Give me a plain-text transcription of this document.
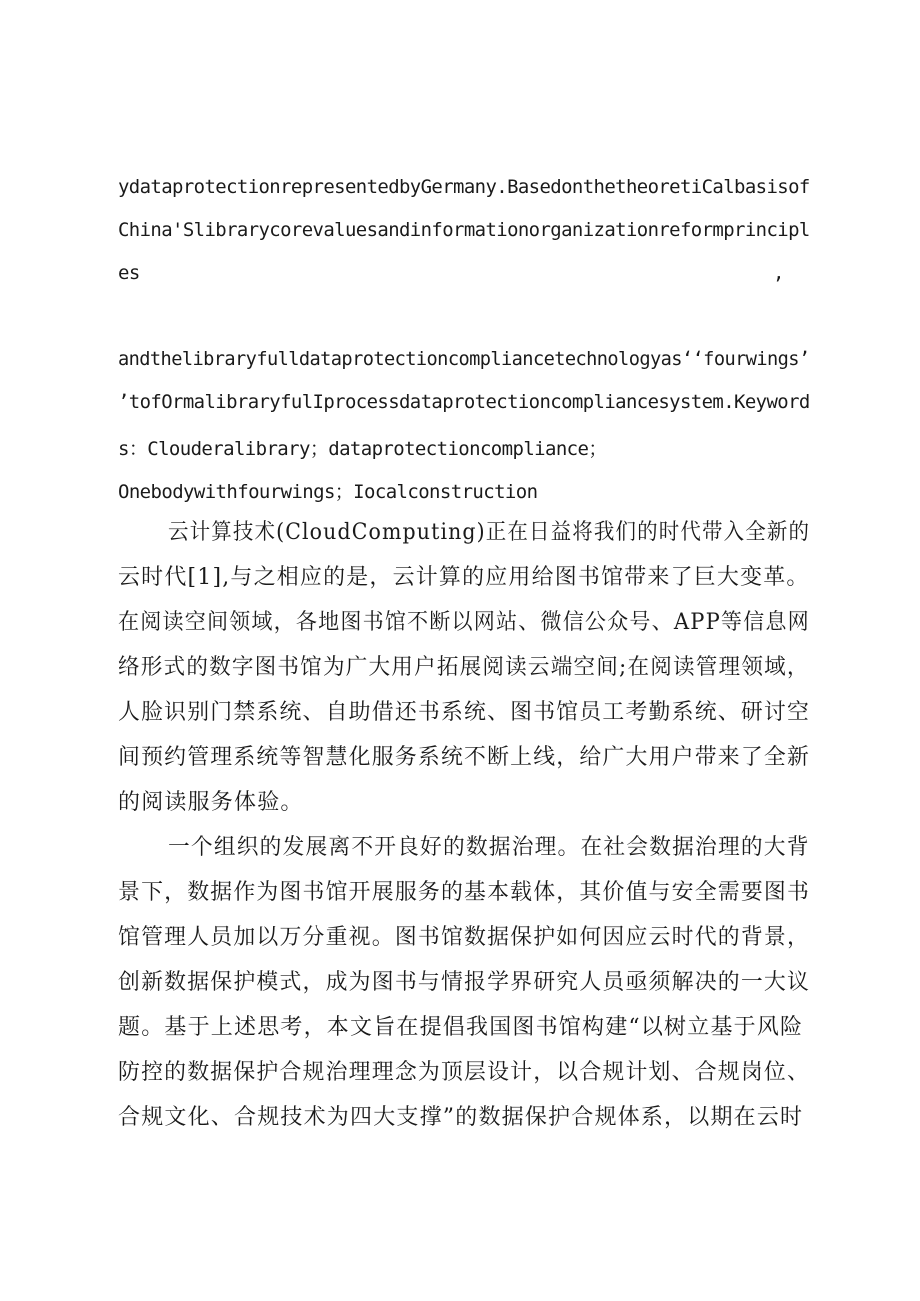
ydataprotectionrepresentedbyGermany.BasedonthetheoretiCalbasisof
China'Slibrarycorevaluesandinformationorganizationreformprincipl
es	,
andthelibraryfulldataprotectioncompliancetechnologyasʻʻfourwingsʼ
ʼtofOrmalibraryfulIprocessdataprotectioncompliancesystem.Keyword
s：Clouderalibrary；dataprotectioncompliance；
Onebodywithfourwings；Iocalconstruction
云计算技术(CloudComputing)正在日益将我们的时代带入全新的
云时代[1],与之相应的是，云计算的应用给图书馆带来了巨大变革。
在阅读空间领域，各地图书馆不断以网站、微信公众号、APP等信息网
络形式的数字图书馆为广大用户拓展阅读云端空间;在阅读管理领域，
人脸识别门禁系统、自助借还书系统、图书馆员工考勤系统、研讨空
间预约管理系统等智慧化服务系统不断上线，给广大用户带来了全新
的阅读服务体验。
一个组织的发展离不开良好的数据治理。在社会数据治理的大背
景下，数据作为图书馆开展服务的基本载体，其价值与安全需要图书
馆管理人员加以万分重视。图书馆数据保护如何因应云时代的背景，
创新数据保护模式，成为图书与情报学界研究人员亟须解决的一大议
题。基于上述思考，本文旨在提倡我国图书馆构建“以树立基于风险
防控的数据保护合规治理理念为顶层设计，以合规计划、合规岗位、
合规文化、合规技术为四大支撑”的数据保护合规体系，以期在云时
